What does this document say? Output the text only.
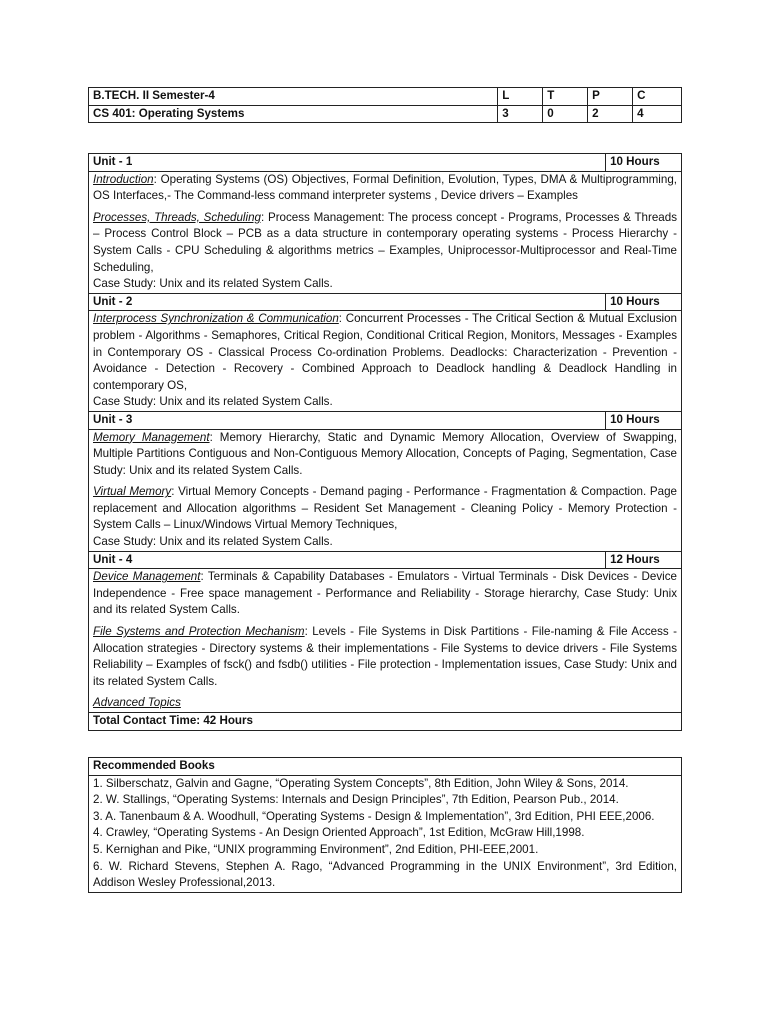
B.TECH. II Semester-4	L	T	P	C
CS 401: Operating Systems	3	0	2	4
Unit - 1	10 Hours

Introduction: Operating Systems (OS) Objectives, Formal Definition, Evolution, Types, DMA & Multiprogramming, OS Interfaces,- The Command-less command interpreter systems , Device drivers – Examples

Processes, Threads, Scheduling: Process Management: The process concept - Programs, Processes & Threads – Process Control Block – PCB as a data structure in contemporary operating systems - Process Hierarchy - System Calls - CPU Scheduling & algorithms metrics – Examples, Uniprocessor-Multiprocessor and Real-Time Scheduling,

Case Study: Unix and its related System Calls.	

Unit - 2	10 Hours

Interprocess Synchronization & Communication: Concurrent Processes - The Critical Section & Mutual Exclusion problem - Algorithms - Semaphores, Critical Region, Conditional Critical Region, Monitors, Messages - Examples in Contemporary OS - Classical Process Co-ordination Problems. Deadlocks: Characterization - Prevention - Avoidance - Detection - Recovery - Combined Approach to Deadlock handling & Deadlock Handling in contemporary OS,

Case Study: Unix and its related System Calls.	

Unit - 3	10 Hours

Memory Management: Memory Hierarchy, Static and Dynamic Memory Allocation, Overview of Swapping, Multiple Partitions Contiguous and Non-Contiguous Memory Allocation, Concepts of Paging, Segmentation, Case Study: Unix and its related System Calls.

Virtual Memory: Virtual Memory Concepts - Demand paging - Performance - Fragmentation & Compaction. Page replacement and Allocation algorithms – Resident Set Management - Cleaning Policy - Memory Protection - System Calls – Linux/Windows Virtual Memory Techniques,

Case Study: Unix and its related System Calls.	

Unit - 4	12 Hours

Device Management: Terminals & Capability Databases - Emulators - Virtual Terminals - Disk Devices - Device Independence - Free space management - Performance and Reliability - Storage hierarchy, Case Study: Unix and its related System Calls.

File Systems and Protection Mechanism: Levels - File Systems in Disk Partitions - File-naming & File Access - Allocation strategies - Directory systems & their implementations - File Systems to device drivers - File Systems Reliability – Examples of fsck() and fsdb() utilities - File protection - Implementation issues, Case Study: Unix and its related System Calls.

Advanced Topics	

Total Contact Time: 42 Hours	
Recommended Books

1. Silberschatz, Galvin and Gagne, “Operating System Concepts”, 8th Edition, John Wiley & Sons, 2014.

2. W. Stallings, “Operating Systems: Internals and Design Principles”, 7th Edition, Pearson Pub., 2014.

3. A. Tanenbaum & A. Woodhull, “Operating Systems - Design & Implementation”, 3rd Edition, PHI EEE,2006.

4. Crawley, “Operating Systems - An Design Oriented Approach”, 1st Edition, McGraw Hill,1998.

5. Kernighan and Pike, “UNIX programming Environment”, 2nd Edition, PHI-EEE,2001.

6. W. Richard Stevens, Stephen A. Rago, “Advanced Programming in the UNIX Environment”, 3rd Edition, Addison Wesley Professional,2013.
